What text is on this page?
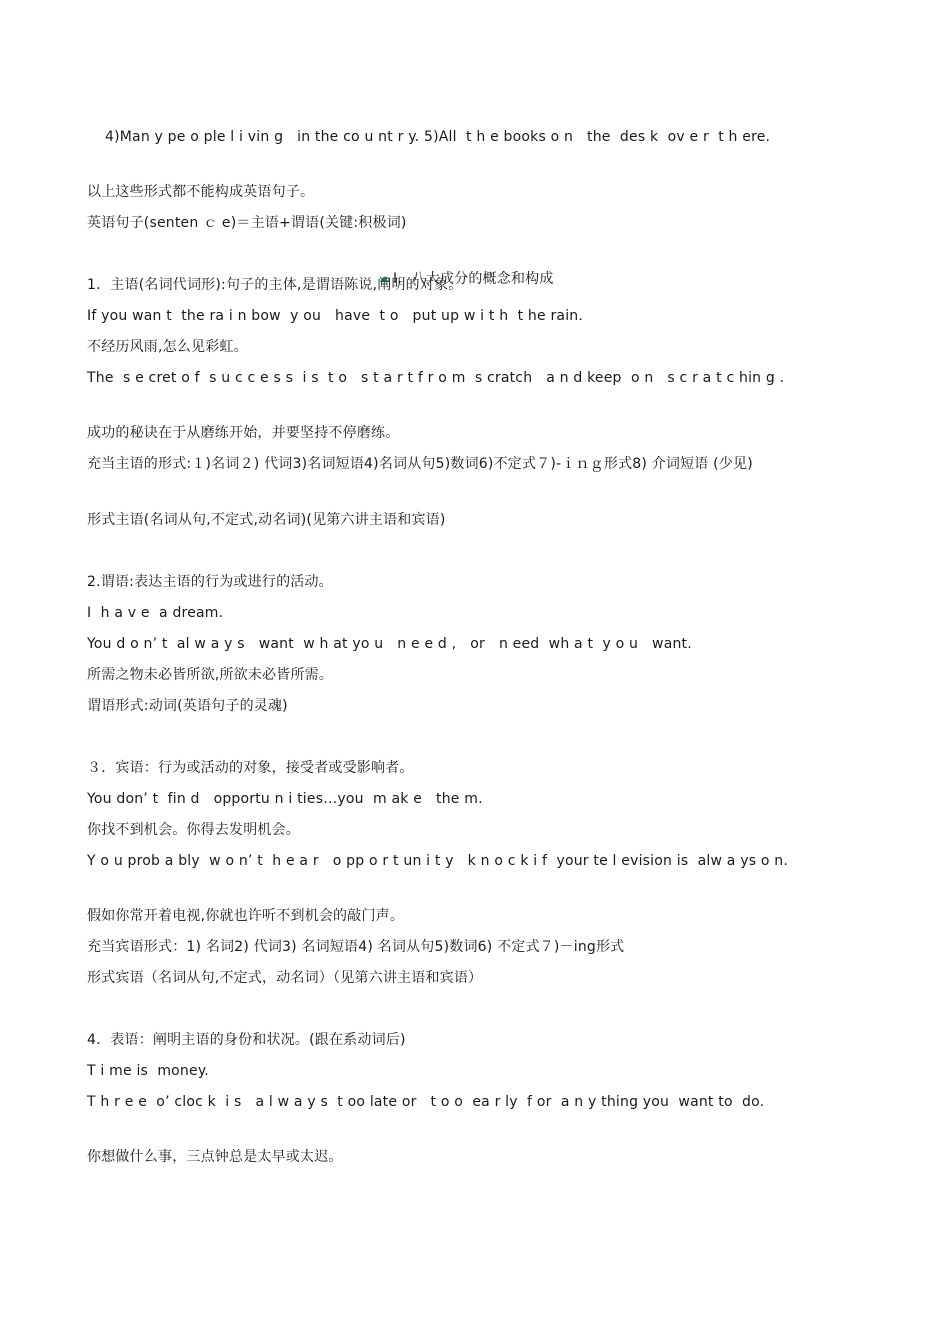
4)Man y pe o ple l i vin g   in the co u nt r y. 5)All  t h e books o n   the  des k  ov e r  t h ere.
以上这些形式都不能构成英语句子。
英语句子(senten ｃ e)＝主语+谓语(关键:积极词)

I．八大成分的概念和构成

1．主语(名词代词形):句子的主体,是谓语陈说,阐明的对象。
If you wan t  the ra i n bow  y ou   have  t o   put up w i t h  t he rain.
不经历风雨,怎么见彩虹。
The  s e cret o f  s u c c e s s  i s  t o   s t a r t f r o m  s cratch   a n d keep  o n   s c r a t c hin g .
成功的秘诀在于从磨练开始，并要坚持不停磨练。
充当主语的形式:１)名词２) 代词3)名词短语4)名词从句5)数词6)不定式７)-ｉｎｇ形式8) 介词短语 (少见)
形式主语(名词从句,不定式,动名词)(见第六讲主语和宾语)
2.谓语:表达主语的行为或进行的活动。
I  h a v e  a dream.
You d o n’ t  al w a y s   want  w h at yo u   n e e d ,   or   n eed  wh a t  y o u   want.
所需之物未必皆所欲,所欲未必皆所需。
谓语形式:动词(英语句子的灵魂)
３．宾语：行为或活动的对象，接受者或受影响者。
You don’ t  fin d   opportu n i ties…you  m ak e   the m.
你找不到机会。你得去发明机会。
Y o u prob a bly  w o n’ t  h e a r   o pp o r t un i t y   k n o c k i f  your te l evision is  alw a ys o n.
假如你常开着电视,你就也许听不到机会的敲门声。
充当宾语形式：1) 名词2) 代词3) 名词短语4) 名词从句5)数词6) 不定式７)－ing形式
形式宾语（名词从句,不定式，动名词）（见第六讲主语和宾语）
4．表语：阐明主语的身份和状况。(跟在系动词后)
T i me is  money.
T h r e e  o’ cloc k  i s   a l w a y s  t oo late or   t o o  ea r ly  f or  a n y thing you  want to  do.
你想做什么事，三点钟总是太早或太迟。
